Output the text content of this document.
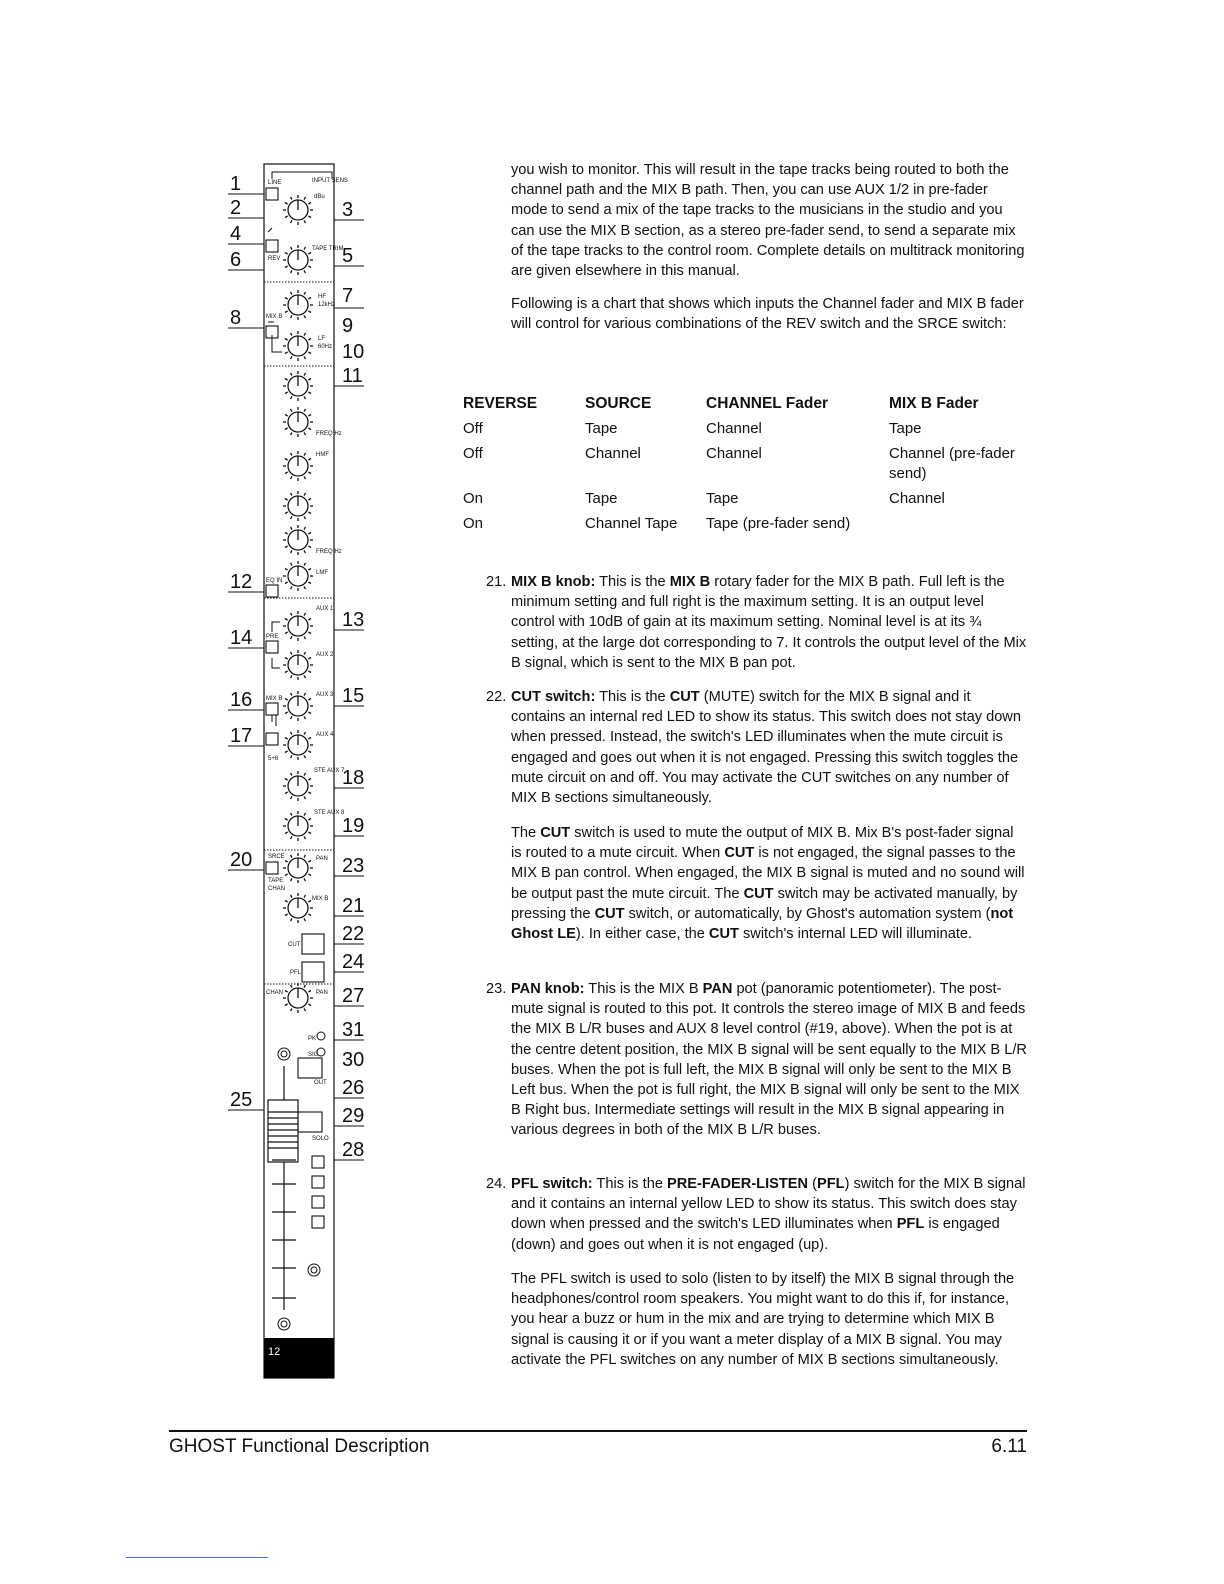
12
LINE	INPUT SENS
dBu
TAPE TRIM
REV
HF
12kHz
MIX B
LF
60Hz
FREQ Hz
HMF
FREQ Hz
EQ IN
LMF
AUX 1
PRE
AUX 2
AUX 3
MIX B
AUX 4
5+6
STE AUX 7
STE AUX 8
SRCE
TAPE
CHAN
PAN
MIX B
CUT
PFL
CHAN	PAN
PK
SIG
OUT
SOLO
1
2
4
6
8
12
14
16
17
20
25
3
5
7
9
10
11
13
15
18
19
23
21
22
24
27
31
30
26
29
28

you wish to monitor. This will result in the tape tracks being routed to both the channel path and the MIX B path. Then, you can use AUX 1/2 in pre-fader mode to send a mix of the tape tracks to the musicians in the studio and you can use the MIX B section, as a stereo pre-fader send, to send a separate mix of the tape tracks to the control room. Complete details on multitrack monitoring are given elsewhere in this manual.

Following is a chart that shows which inputs the Channel fader and MIX B fader will control for various combinations of the REV switch and the SRCE switch:

REVERSE	SOURCE	CHANNEL Fader	MIX B Fader
Off	Tape	Channel	Tape
Off	Channel	Channel	Channel (pre-fader send)
On	Tape	Tape	Channel
On	Channel Tape	Tape (pre-fader send)
21. MIX B knob: This is the MIX B rotary fader for the MIX B path. Full left is the minimum setting and full right is the maximum setting. It is an output level control with 10dB of gain at its maximum setting. Nominal level is at its ¾ setting, at the large dot corresponding to 7. It controls the output level of the Mix B signal, which is sent to the MIX B pan pot.
22. CUT switch: This is the CUT (MUTE) switch for the MIX B signal and it contains an internal red LED to show its status. This switch does not stay down when pressed. Instead, the switch's LED illuminates when the mute circuit is engaged and goes out when it is not engaged. Pressing this switch toggles the mute circuit on and off. You may activate the CUT switches on any number of MIX B sections simultaneously.

The CUT switch is used to mute the output of MIX B. Mix B's post-fader signal is routed to a mute circuit. When CUT is not engaged, the signal passes to the MIX B pan control. When engaged, the MIX B signal is muted and no sound will be output past the mute circuit. The CUT switch may be activated manually, by pressing the CUT switch, or automatically, by Ghost's automation system (not Ghost LE). In either case, the CUT switch's internal LED will illuminate.

23. PAN knob: This is the MIX B PAN pot (panoramic potentiometer). The post-mute signal is routed to this pot. It controls the stereo image of MIX B and feeds the MIX B L/R buses and AUX 8 level control (#19, above). When the pot is at the centre detent position, the MIX B signal will be sent equally to the MIX B L/R buses. When the pot is full left, the MIX B signal will only be sent to the MIX B Left bus. When the pot is full right, the MIX B signal will only be sent to the MIX B Right bus. Intermediate settings will result in the MIX B signal appearing in various degrees in both of the MIX B L/R buses.
24. PFL switch: This is the PRE-FADER-LISTEN (PFL) switch for the MIX B signal and it contains an internal yellow LED to show its status. This switch does stay down when pressed and the switch's LED illuminates when PFL is engaged (down) and goes out when it is not engaged (up).

The PFL switch is used to solo (listen to by itself) the MIX B signal through the headphones/control room speakers. You might want to do this if, for instance, you hear a buzz or hum in the mix and are trying to determine which MIX B signal is causing it or if you want a meter display of a MIX B signal. You may activate the PFL switches on any number of MIX B sections simultaneously.

GHOST Functional Description	6.11
